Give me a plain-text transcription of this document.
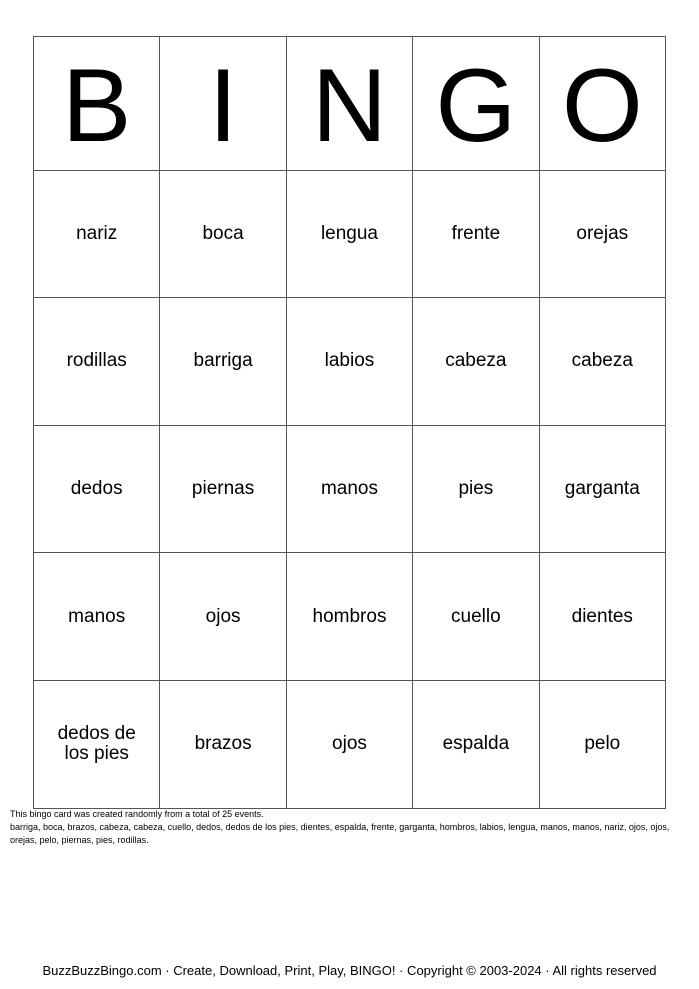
B	I	N	G	O
nariz	boca	lengua	frente	orejas
rodillas	barriga	labios	cabeza	cabeza
dedos	piernas	manos	pies	garganta
manos	ojos	hombros	cuello	dientes
dedos de los pies	brazos	ojos	espalda	pelo
This bingo card was created randomly from a total of 25 events.
barriga, boca, brazos, cabeza, cabeza, cuello, dedos, dedos de los pies, dientes, espalda, frente, garganta, hombros, labios, lengua, manos, manos, nariz, ojos, ojos, orejas, pelo, piernas, pies, rodillas.
BuzzBuzzBingo.com · Create, Download, Print, Play, BINGO! · Copyright © 2003-2024 · All rights reserved
